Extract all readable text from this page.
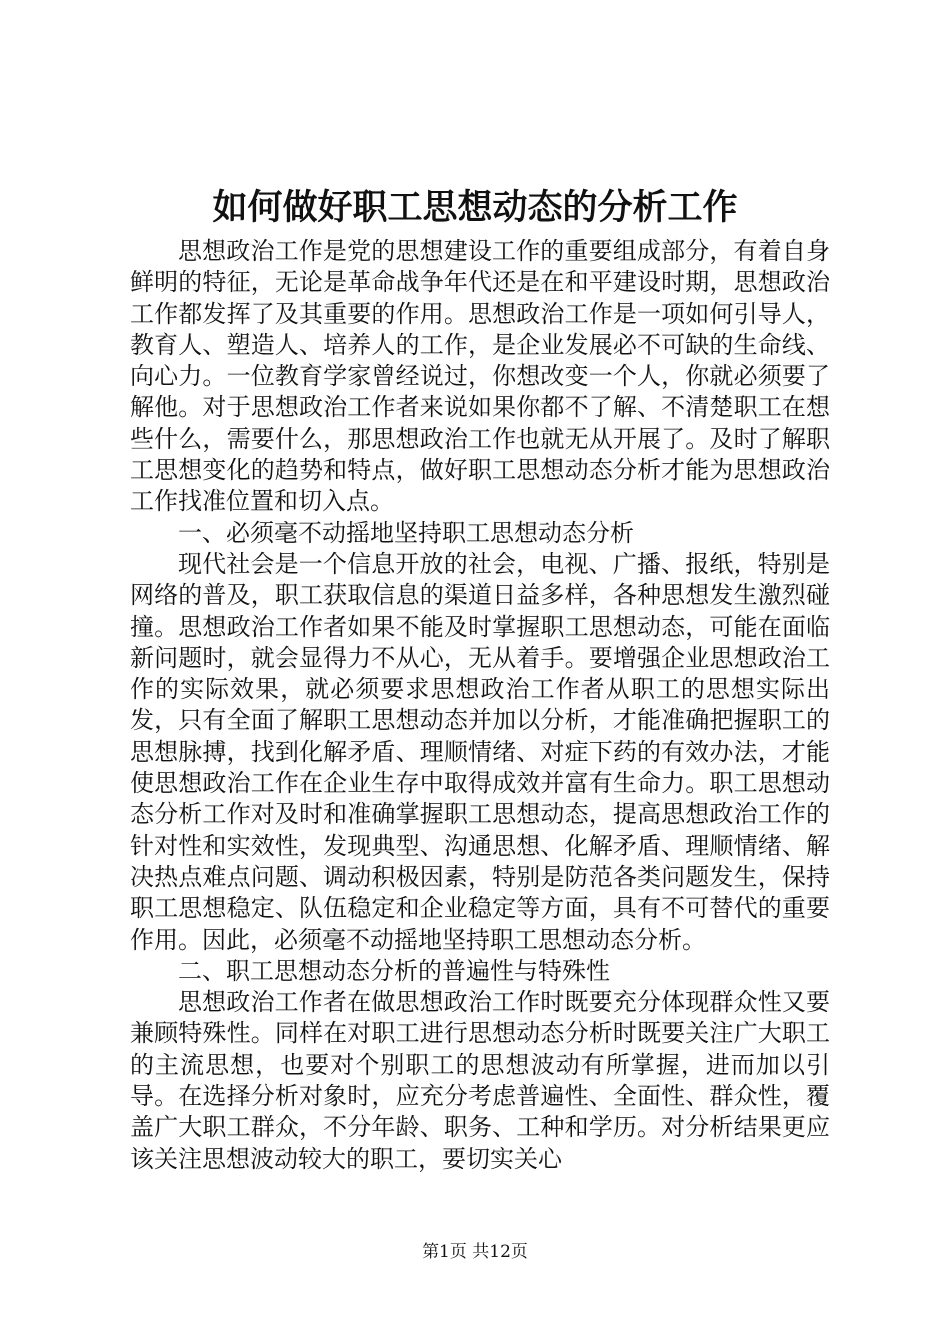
如何做好职工思想动态的分析工作

思想政治工作是党的思想建设工作的重要组成部分，有着自身鲜明的特征，无论是革命战争年代还是在和平建设时期，思想政治工作都发挥了及其重要的作用。思想政治工作是一项如何引导人，教育人、塑造人、培养人的工作，是企业发展必不可缺的生命线、向心力。一位教育学家曾经说过，你想改变一个人，你就必须要了解他。对于思想政治工作者来说如果你都不了解、不清楚职工在想些什么，需要什么，那思想政治工作也就无从开展了。及时了解职工思想变化的趋势和特点，做好职工思想动态分析才能为思想政治工作找准位置和切入点。

一、必须毫不动摇地坚持职工思想动态分析

现代社会是一个信息开放的社会，电视、广播、报纸，特别是网络的普及，职工获取信息的渠道日益多样，各种思想发生激烈碰撞。思想政治工作者如果不能及时掌握职工思想动态，可能在面临新问题时，就会显得力不从心，无从着手。要增强企业思想政治工作的实际效果，就必须要求思想政治工作者从职工的思想实际出发，只有全面了解职工思想动态并加以分析，才能准确把握职工的思想脉搏，找到化解矛盾、理顺情绪、对症下药的有效办法，才能使思想政治工作在企业生存中取得成效并富有生命力。职工思想动态分析工作对及时和准确掌握职工思想动态，提高思想政治工作的针对性和实效性，发现典型、沟通思想、化解矛盾、理顺情绪、解决热点难点问题、调动积极因素，特别是防范各类问题发生，保持职工思想稳定、队伍稳定和企业稳定等方面，具有不可替代的重要作用。因此，必须毫不动摇地坚持职工思想动态分析。

二、职工思想动态分析的普遍性与特殊性

思想政治工作者在做思想政治工作时既要充分体现群众性又要兼顾特殊性。同样在对职工进行思想动态分析时既要关注广大职工的主流思想，也要对个别职工的思想波动有所掌握，进而加以引导。在选择分析对象时，应充分考虑普遍性、全面性、群众性，覆盖广大职工群众，不分年龄、职务、工种和学历。对分析结果更应该关注思想波动较大的职工，要切实关心

第1页 共12页
